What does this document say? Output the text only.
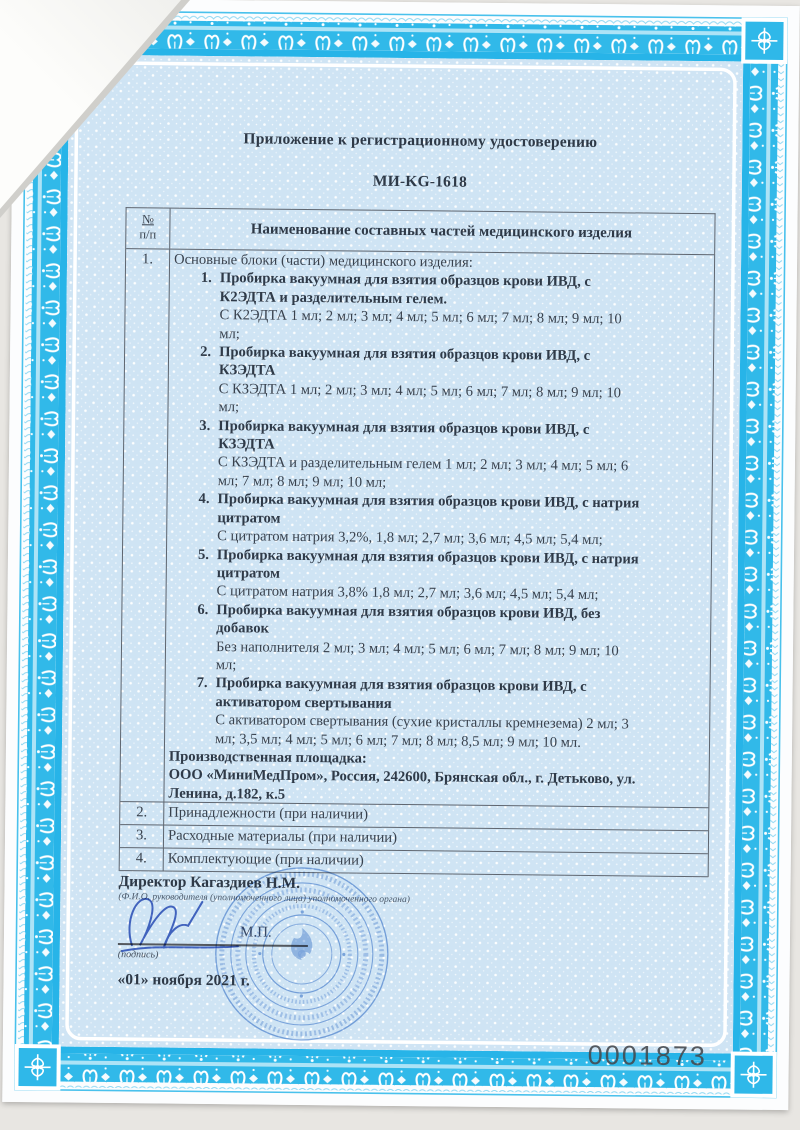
Приложение к регистрационному удостоверению
МИ-KG-1618
№
п/п	Наименование составных частей медицинского изделия
1.	Основные блоки (части) медицинского изделия:
1. Пробирка вакуумная для взятия образцов крови ИВД, с
К2ЭДТА и разделительным гелем.
С К2ЭДТА 1 мл; 2 мл; 3 мл; 4 мл; 5 мл; 6 мл; 7 мл; 8 мл; 9 мл; 10
мл;
2. Пробирка вакуумная для взятия образцов крови ИВД, с
КЗЭДТА
С КЗЭДТА 1 мл; 2 мл; 3 мл; 4 мл; 5 мл; 6 мл; 7 мл; 8 мл; 9 мл; 10
мл;
3. Пробирка вакуумная для взятия образцов крови ИВД, с
КЗЭДТА
С КЗЭДТА и разделительным гелем 1 мл; 2 мл; 3 мл; 4 мл; 5 мл; 6
мл; 7 мл; 8 мл; 9 мл; 10 мл;
4. Пробирка вакуумная для взятия образцов крови ИВД, с натрия
цитратом
С цитратом натрия 3,2%, 1,8 мл; 2,7 мл; 3,6 мл; 4,5 мл; 5,4 мл;
5. Пробирка вакуумная для взятия образцов крови ИВД, с натрия
цитратом
С цитратом натрия 3,8% 1,8 мл; 2,7 мл; 3,6 мл; 4,5 мл; 5,4 мл;
6. Пробирка вакуумная для взятия образцов крови ИВД, без
добавок
Без наполнителя 2 мл; 3 мл; 4 мл; 5 мл; 6 мл; 7 мл; 8 мл; 9 мл; 10
мл;
7. Пробирка вакуумная для взятия образцов крови ИВД, с
активатором свертывания
С активатором свертывания (сухие кристаллы кремнезема) 2 мл; 3
мл; 3,5 мл; 4 мл; 5 мл; 6 мл; 7 мл; 8 мл; 8,5 мл; 9 мл; 10 мл.
Производственная площадка:
ООО «МиниМедПром», Россия, 242600, Брянская обл., г. Детьково, ул.
Ленина, д.182, к.5
2.	Принадлежности (при наличии)
3.	Расходные материалы (при наличии)
4.	Комплектующие (при наличии)
Директор Кагаздиев Н.М.
(Ф.И.О. руководителя (уполномоченного лица) уполномоченного органа)
(подпись)
М.П.
«01» ноября 2021 г.
0001873
